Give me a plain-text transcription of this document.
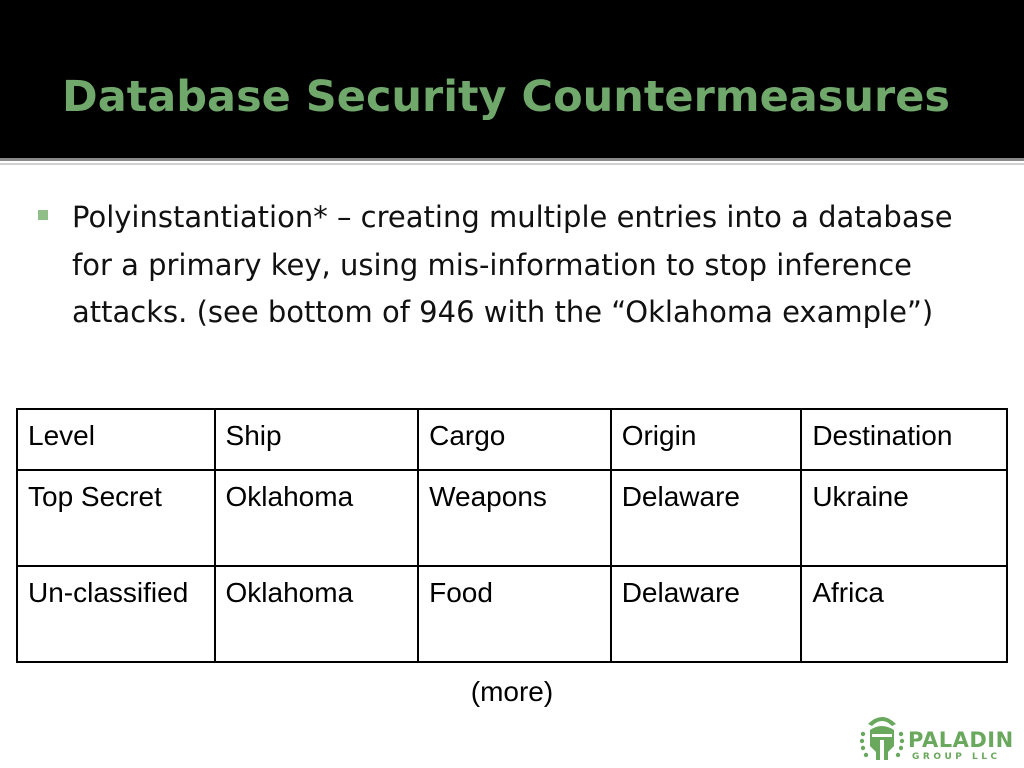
Database Security Countermeasures
Polyinstantiation* – creating multiple entries into a database for a primary key, using mis-information to stop inference attacks. (see bottom of 946 with the “Oklahoma example”)
Level	Ship	Cargo	Origin	Destination
Top Secret	Oklahoma	Weapons	Delaware	Ukraine
Un-classified	Oklahoma	Food	Delaware	Africa
(more)
PALADIN
GROUP LLC
